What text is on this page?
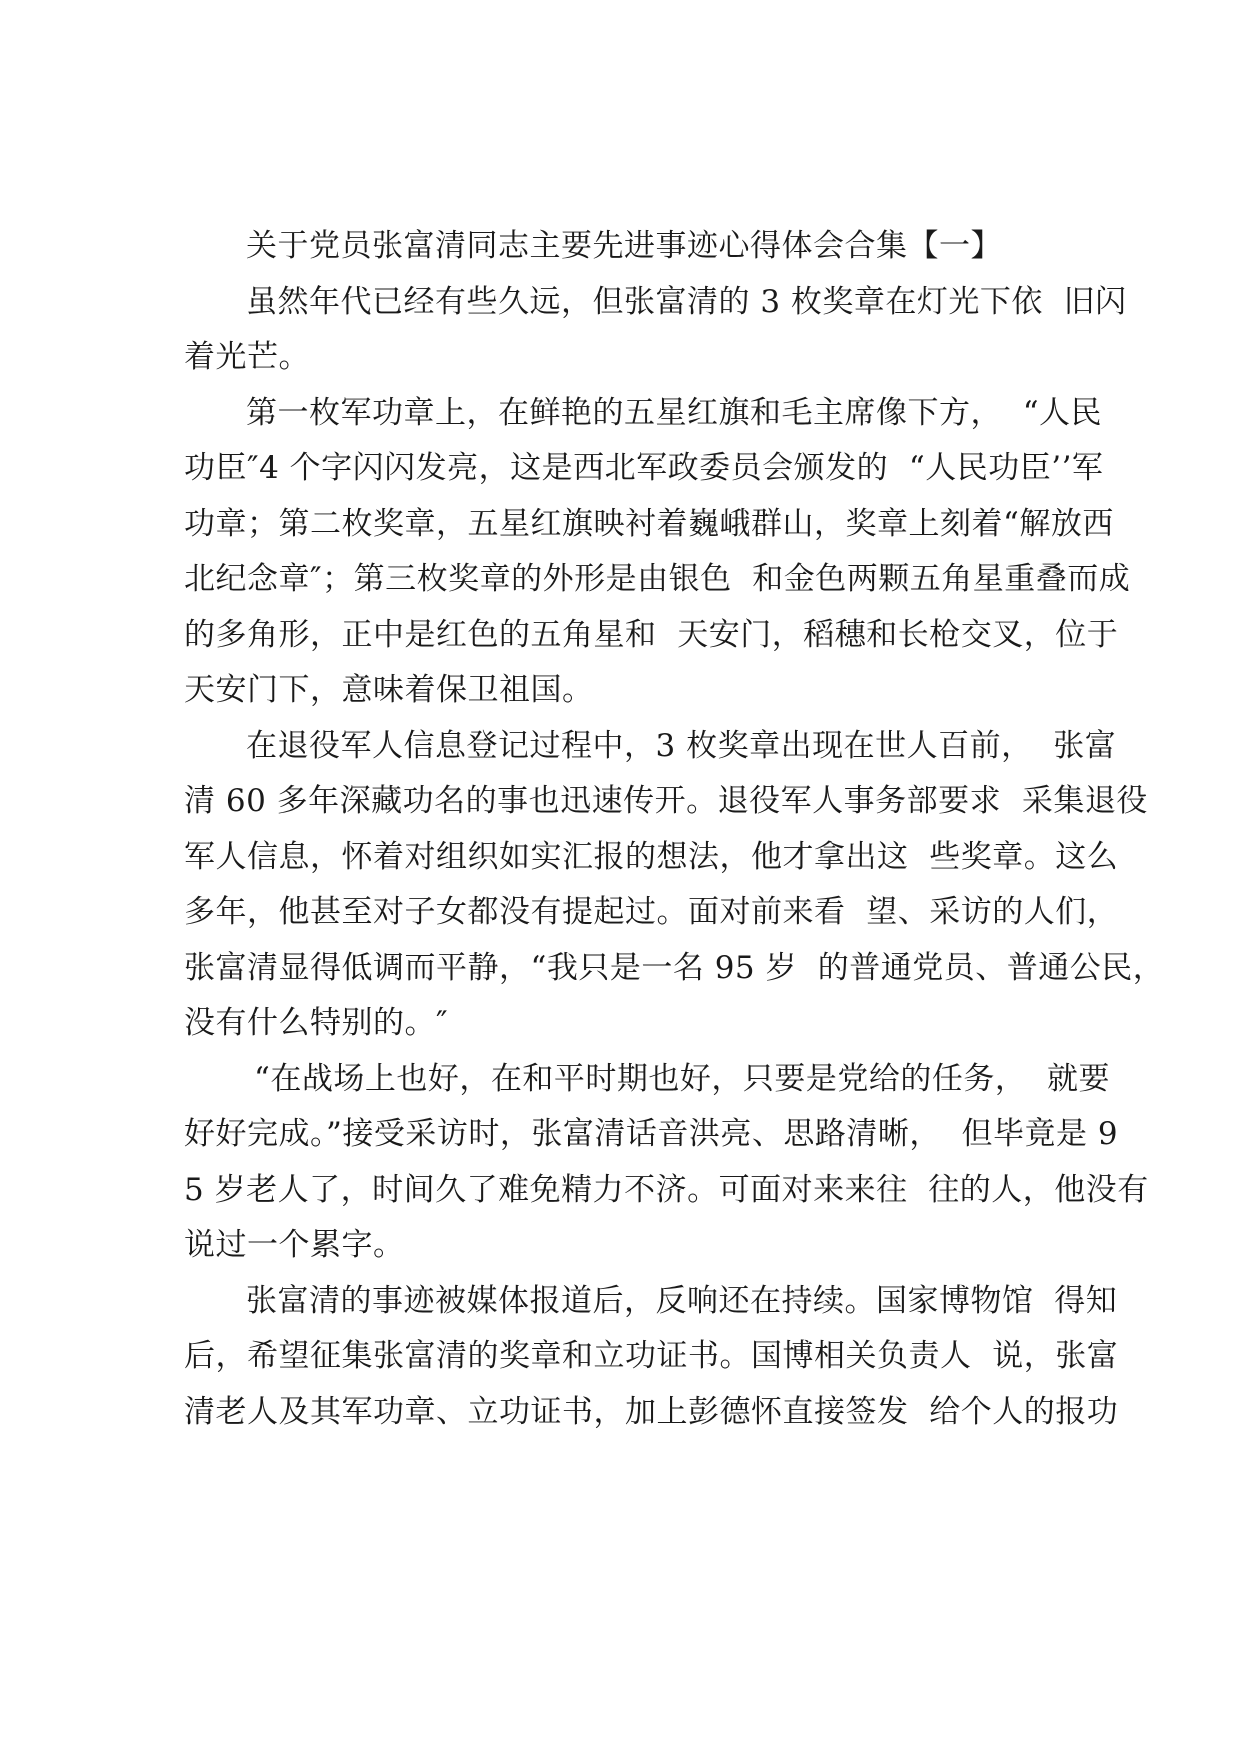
关于党员张富清同志主要先进事迹心得体会合集【一】
虽然年代已经有些久远，但张富清的 3 枚奖章在灯光下依  旧闪
着光芒。
第一枚军功章上，在鲜艳的五星红旗和毛主席像下方，  “人民
功臣″4 个字闪闪发亮，这是西北军政委员会颁发的  “人民功臣’’军
功章；第二枚奖章，五星红旗映衬着巍峨群山，奖章上刻着“解放西
北纪念章″；第三枚奖章的外形是由银色  和金色两颗五角星重叠而成
的多角形，正中是红色的五角星和  天安门，稻穗和长枪交叉，位于
天安门下，意味着保卫祖国。
在退役军人信息登记过程中，3 枚奖章出现在世人百前，  张富
清 60 多年深藏功名的事也迅速传开。退役军人事务部要求  采集退役
军人信息，怀着对组织如实汇报的想法，他才拿出这  些奖章。这么
多年，他甚至对子女都没有提起过。面对前来看  望、采访的人们，
张富清显得低调而平静，“我只是一名 95 岁  的普通党员、普通公民，
没有什么特别的。″
“在战场上也好，在和平时期也好，只要是党给的任务，  就要
好好完成。”接受采访时，张富清话音洪亮、思路清晰，  但毕竟是 9
5 岁老人了，时间久了难免精力不济。可面对来来往  往的人，他没有
说过一个累字。
张富清的事迹被媒体报道后，反响还在持续。国家博物馆  得知
后，希望征集张富清的奖章和立功证书。国博相关负责人  说，张富
清老人及其军功章、立功证书，加上彭德怀直接签发  给个人的报功
